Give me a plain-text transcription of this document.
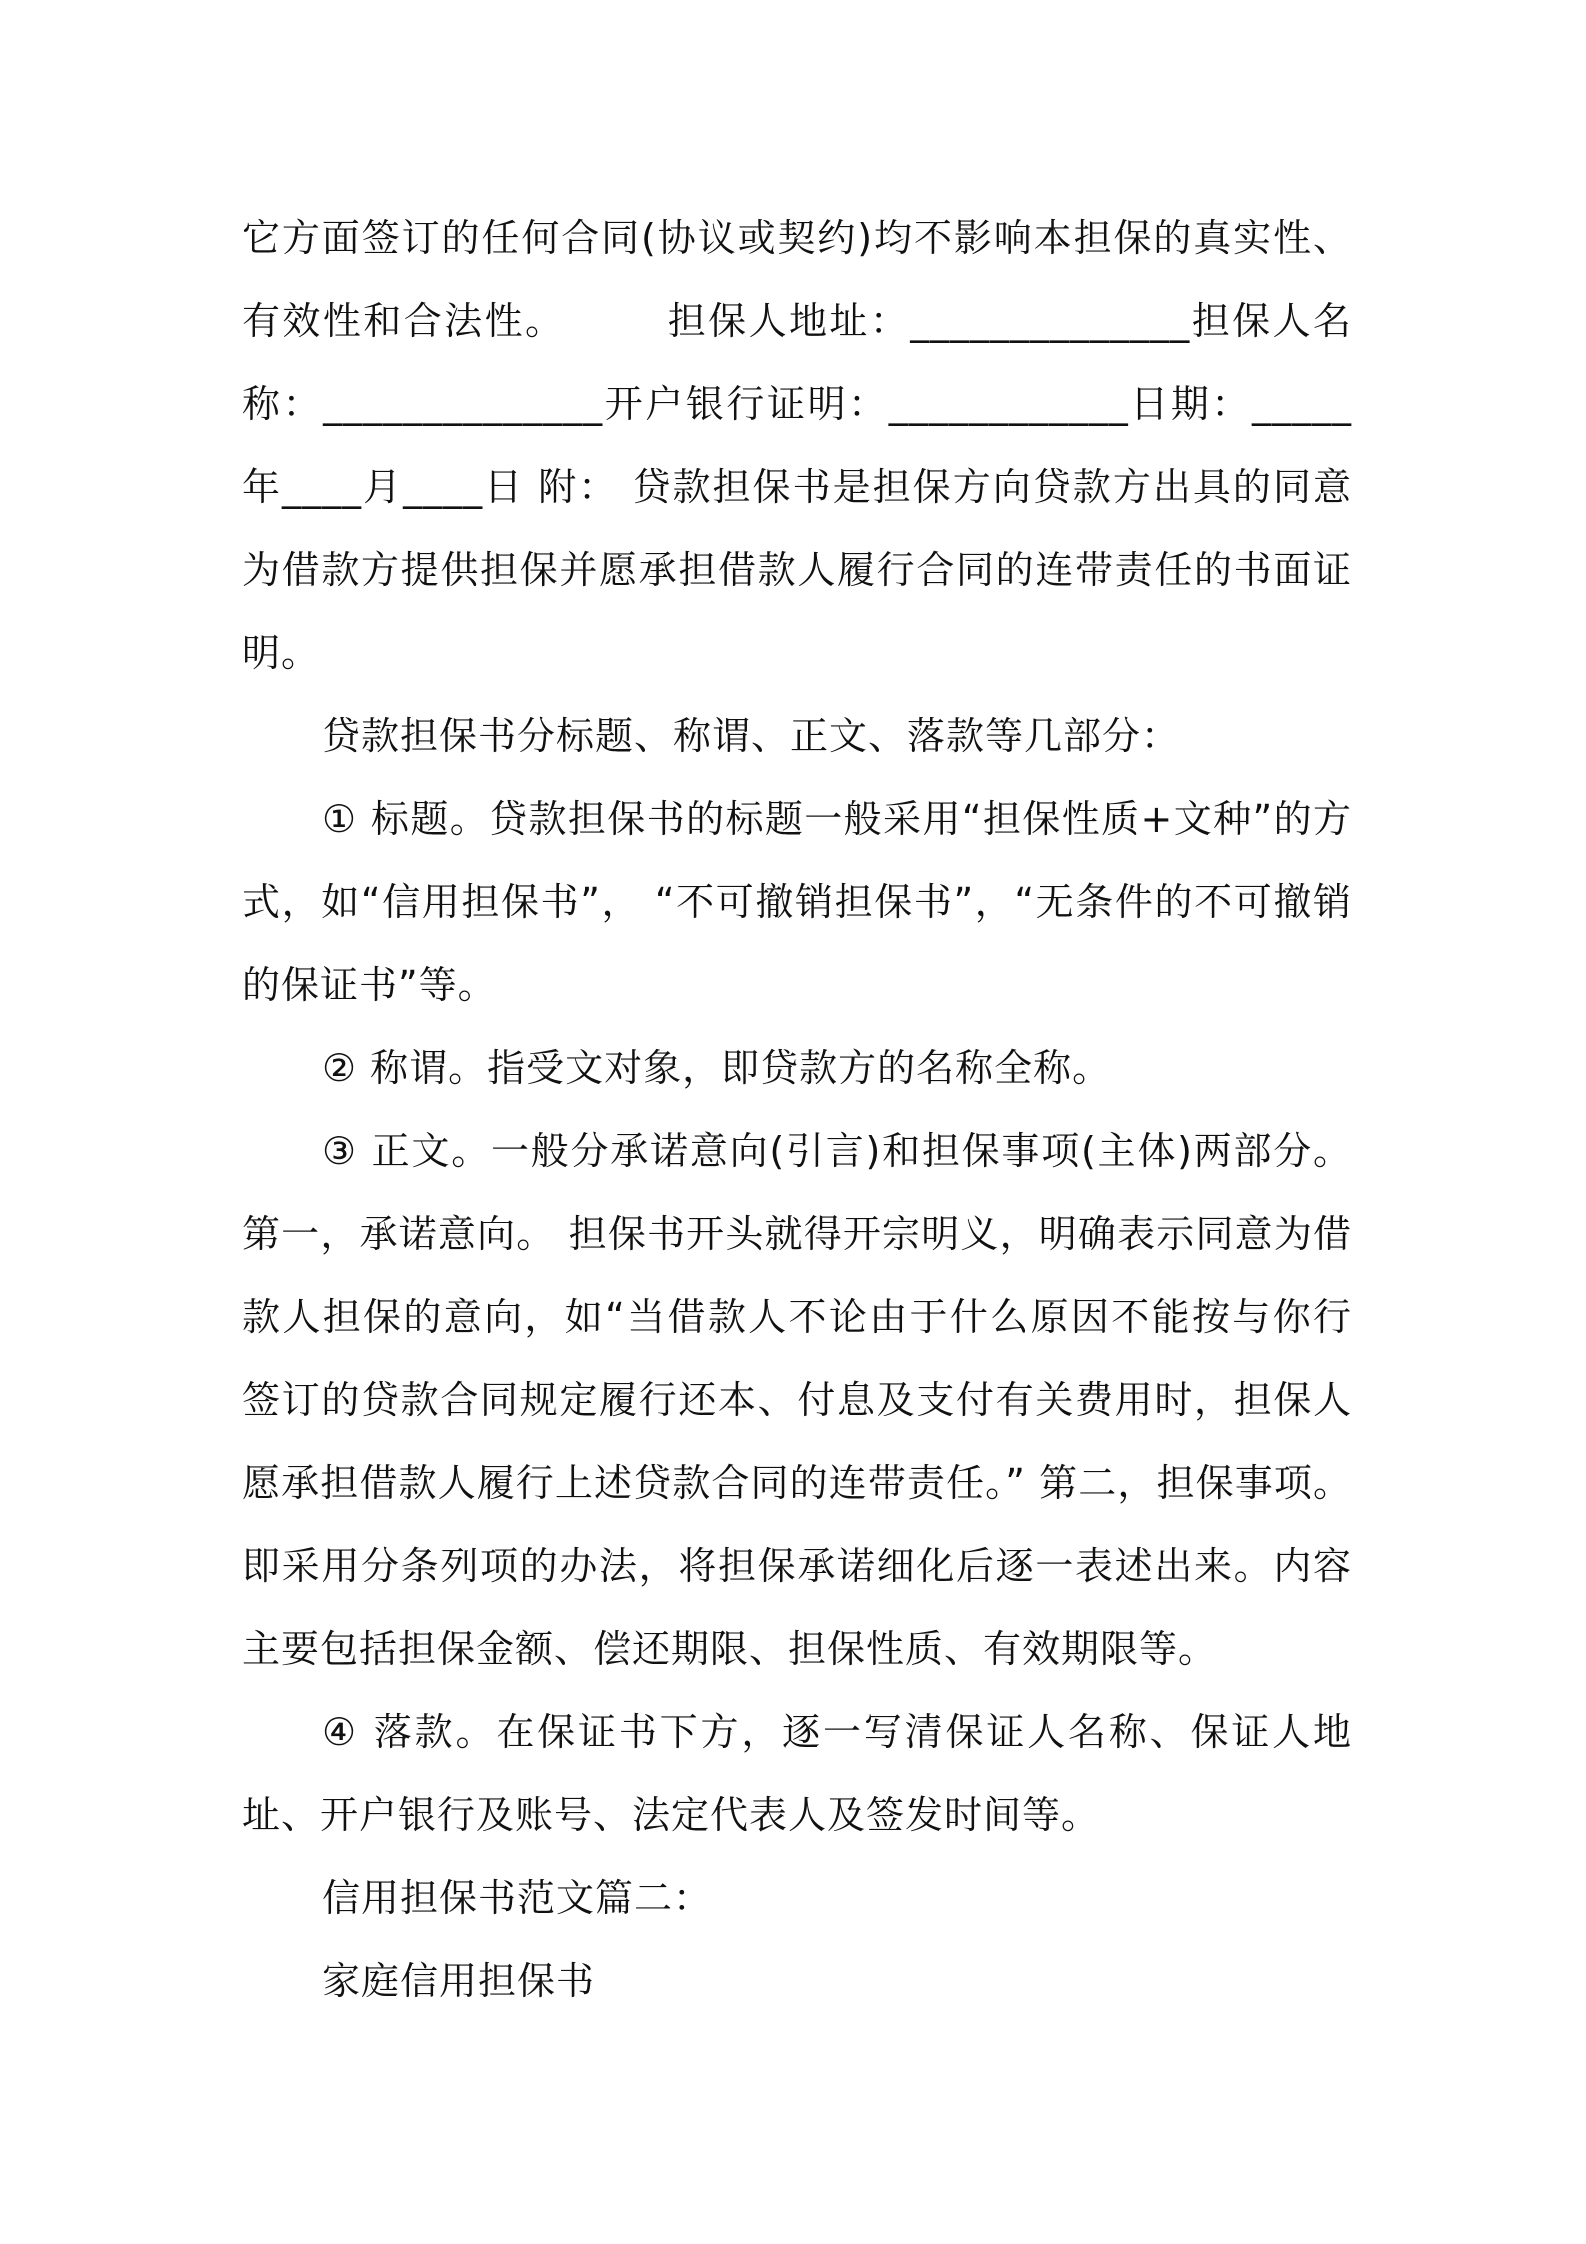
它方面签订的任何合同(协议或契约)均不影响本担保的真实性、有效性和合法性。　　　担保人地址：______________担保人名称：______________开户银行证明：____________日期：_____年____月____日 附： 贷款担保书是担保方向贷款方出具的同意为借款方提供担保并愿承担借款人履行合同的连带责任的书面证明。

贷款担保书分标题、称谓、正文、落款等几部分：

① 标题。贷款担保书的标题一般采用“担保性质+文种”的方式，如“信用担保书”， “不可撤销担保书”，“无条件的不可撤销的保证书”等。

② 称谓。指受文对象，即贷款方的名称全称。

③ 正文。一般分承诺意向(引言)和担保事项(主体)两部分。第一，承诺意向。 担保书开头就得开宗明义，明确表示同意为借款人担保的意向，如“当借款人不论由于什么原因不能按与你行签订的贷款合同规定履行还本、付息及支付有关费用时，担保人愿承担借款人履行上述贷款合同的连带责任。” 第二，担保事项。 即采用分条列项的办法，将担保承诺细化后逐一表述出来。内容主要包括担保金额、偿还期限、担保性质、有效期限等。

④ 落款。在保证书下方，逐一写清保证人名称、保证人地址、开户银行及账号、法定代表人及签发时间等。

信用担保书范文篇二：

家庭信用担保书
